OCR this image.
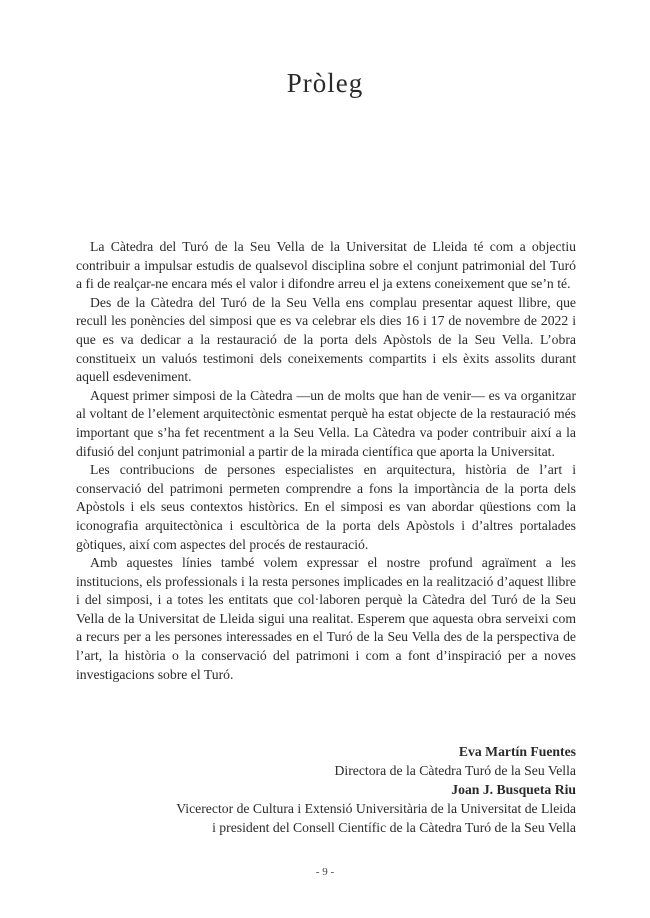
Pròleg

La Càtedra del Turó de la Seu Vella de la Universitat de Lleida té com a objectiu contribuir a impulsar estudis de qualsevol disciplina sobre el conjunt patrimonial del Turó a fi de realçar-ne encara més el valor i difondre arreu el ja extens coneixement que se’n té.

Des de la Càtedra del Turó de la Seu Vella ens complau presentar aquest llibre, que recull les ponències del simposi que es va celebrar els dies 16 i 17 de novembre de 2022 i que es va dedicar a la restauració de la porta dels Apòstols de la Seu Vella. L’obra constitueix un valuós testimoni dels coneixements compartits i els èxits assolits durant aquell esdeveniment.

Aquest primer simposi de la Càtedra —un de molts que han de venir— es va organitzar al voltant de l’element arquitectònic esmentat perquè ha estat objecte de la restauració més important que s’ha fet recentment a la Seu Vella. La Càtedra va poder contribuir així a la difusió del conjunt patrimonial a partir de la mirada científica que aporta la Universitat.

Les contribucions de persones especialistes en arquitectura, història de l’art i conservació del patrimoni permeten comprendre a fons la importància de la porta dels Apòstols i els seus contextos històrics. En el simposi es van abordar qüestions com la iconografia arquitectònica i escultòrica de la porta dels Apòstols i d’altres portalades gòtiques, així com aspectes del procés de restauració.

Amb aquestes línies també volem expressar el nostre profund agraïment a les institucions, els professionals i la resta persones implicades en la realització d’aquest llibre i del simposi, i a totes les entitats que col·laboren perquè la Càtedra del Turó de la Seu Vella de la Universitat de Lleida sigui una realitat. Esperem que aquesta obra serveixi com a recurs per a les persones interessades en el Turó de la Seu Vella des de la perspectiva de l’art, la història o la conservació del patrimoni i com a font d’inspiració per a noves investigacions sobre el Turó.

Eva Martín Fuentes
Directora de la Càtedra Turó de la Seu Vella
Joan J. Busqueta Riu
Vicerector de Cultura i Extensió Universitària de la Universitat de Lleida
i president del Consell Científic de la Càtedra Turó de la Seu Vella
- 9 -
